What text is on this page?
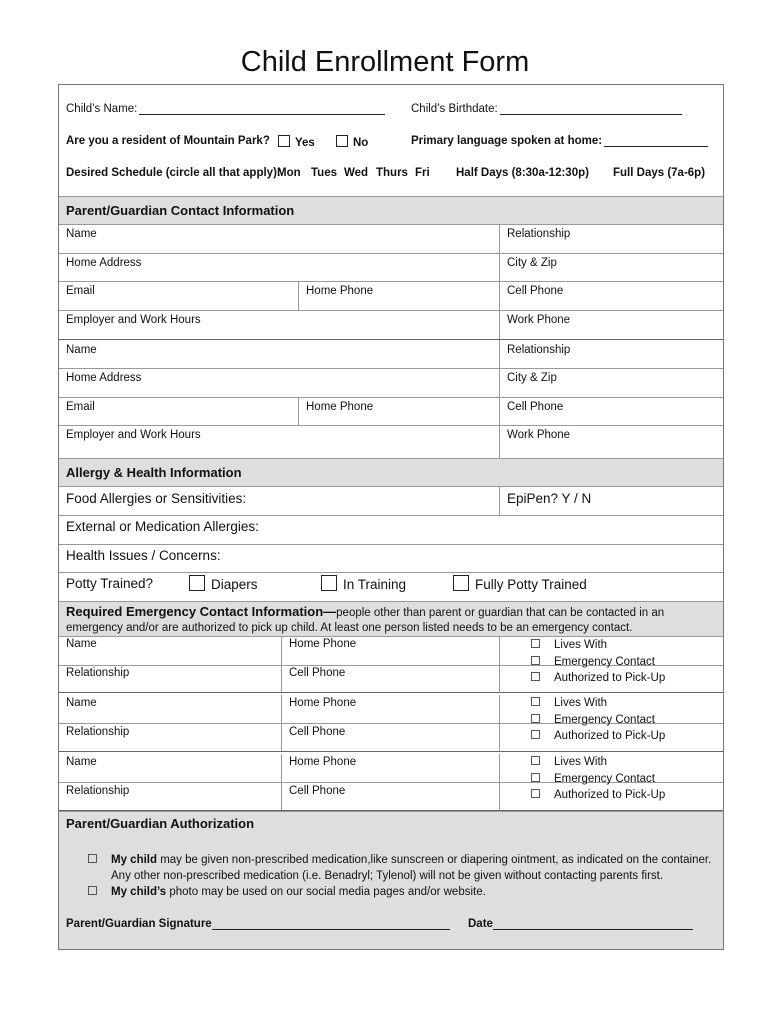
Child Enrollment Form
Child’s Name:	Child’s Birthdate:
Are you a resident of Mountain Park?	Yes	No	Primary language spoken at home:
Desired Schedule (circle all that apply):
Mon Tues Wed Thurs Fri Half Days (8:30a-12:30p) Full Days (7a-6p)
Parent/Guardian Contact Information
Name	Relationship
Home Address	City & Zip
Email	Home Phone	Cell Phone
Employer and Work Hours	Work Phone
Name	Relationship
Home Address	City & Zip
Email	Home Phone	Cell Phone
Employer and Work Hours	Work Phone
Allergy & Health Information
Food Allergies or Sensitivities:	EpiPen? Y / N
External or Medication Allergies:
Health Issues / Concerns:
Potty Trained?	Diapers	In Training	Fully Potty Trained
Required Emergency Contact Information—people other than parent or guardian that can be contacted in an
emergency and/or are authorized to pick up child. At least one person listed needs to be an emergency contact.
Name	Home Phone
Relationship	Cell Phone
Lives With
Emergency Contact
Authorized to Pick-Up
Name	Home Phone
Relationship	Cell Phone
Lives With
Emergency Contact
Authorized to Pick-Up
Name	Home Phone
Relationship	Cell Phone
Lives With
Emergency Contact
Authorized to Pick-Up
Parent/Guardian Authorization
My child may be given non-prescribed medication,like sunscreen or diapering ointment, as indicated on the container.
Any other non-prescribed medication (i.e. Benadryl; Tylenol) will not be given without contacting parents first.
My child’s photo may be used on our social media pages and/or website.
Parent/Guardian Signature	Date
